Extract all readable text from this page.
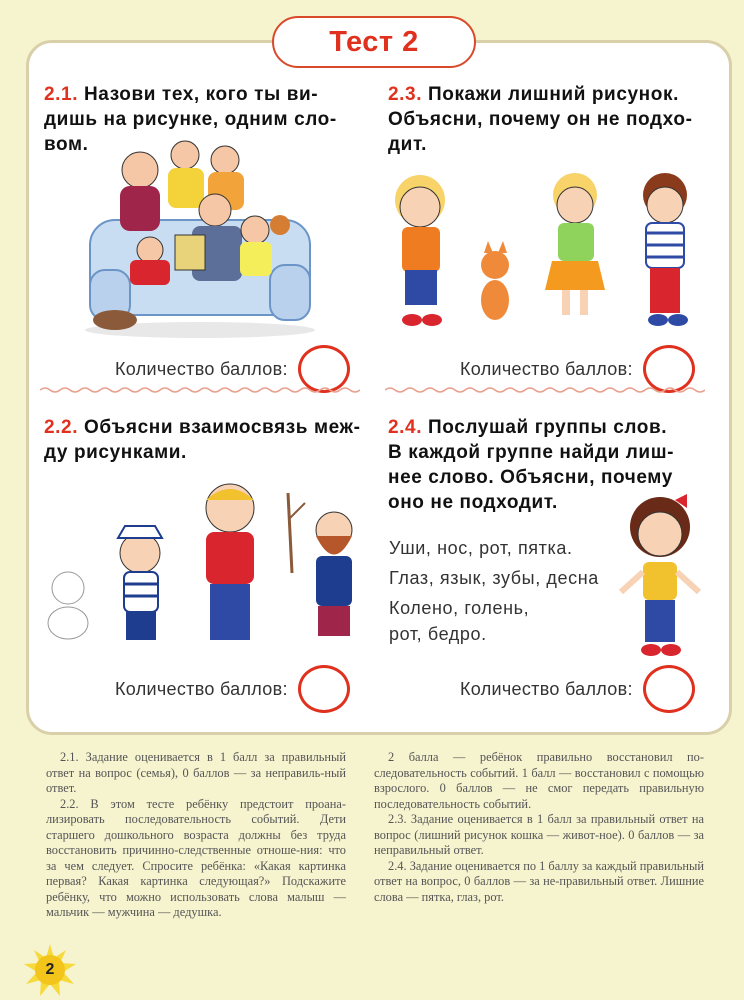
Тест 2
2.1. Назови тех, кого ты ви-
дишь на рисунке, одним сло-
вом.
2.3. Покажи лишний рисунок.
Объясни, почему он не подхо-
дит.
Количество баллов:	Количество баллов:
2.2. Объясни взаимосвязь меж-
ду рисунками.
2.4. Послушай группы слов.
В каждой группе найди лиш-
нее слово. Объясни, почему
оно не подходит.
Уши, нос, рот, пятка.
Глаз, язык, зубы, десна
Колено, голень,
рот, бедро.
Количество баллов:	Количество баллов:

2.1. Задание оценивается в 1 балл за правильный ответ на вопрос (семья), 0 баллов — за неправиль-ный ответ.

2.2. В этом тесте ребёнку предстоит проана-лизировать последовательность событий. Дети старшего дошкольного возраста должны без труда восстановить причинно-следственные отноше-ния: что за чем следует. Спросите ребёнка: «Какая картинка первая? Какая картинка следующая?» Подскажите ребёнку, что можно использовать слова малыш — мальчик — мужчина — дедушка.

2 балла — ребёнок правильно восстановил по-следовательность событий. 1 балл — восстановил с помощью взрослого. 0 баллов — не смог передать правильную последовательность событий.

2.3. Задание оценивается в 1 балл за правильный ответ на вопрос (лишний рисунок кошка — живот-ное). 0 баллов — за неправильный ответ.

2.4. Задание оценивается по 1 баллу за каждый правильный ответ на вопрос, 0 баллов — за не-правильный ответ. Лишние слова — пятка, глаз, рот.

2
